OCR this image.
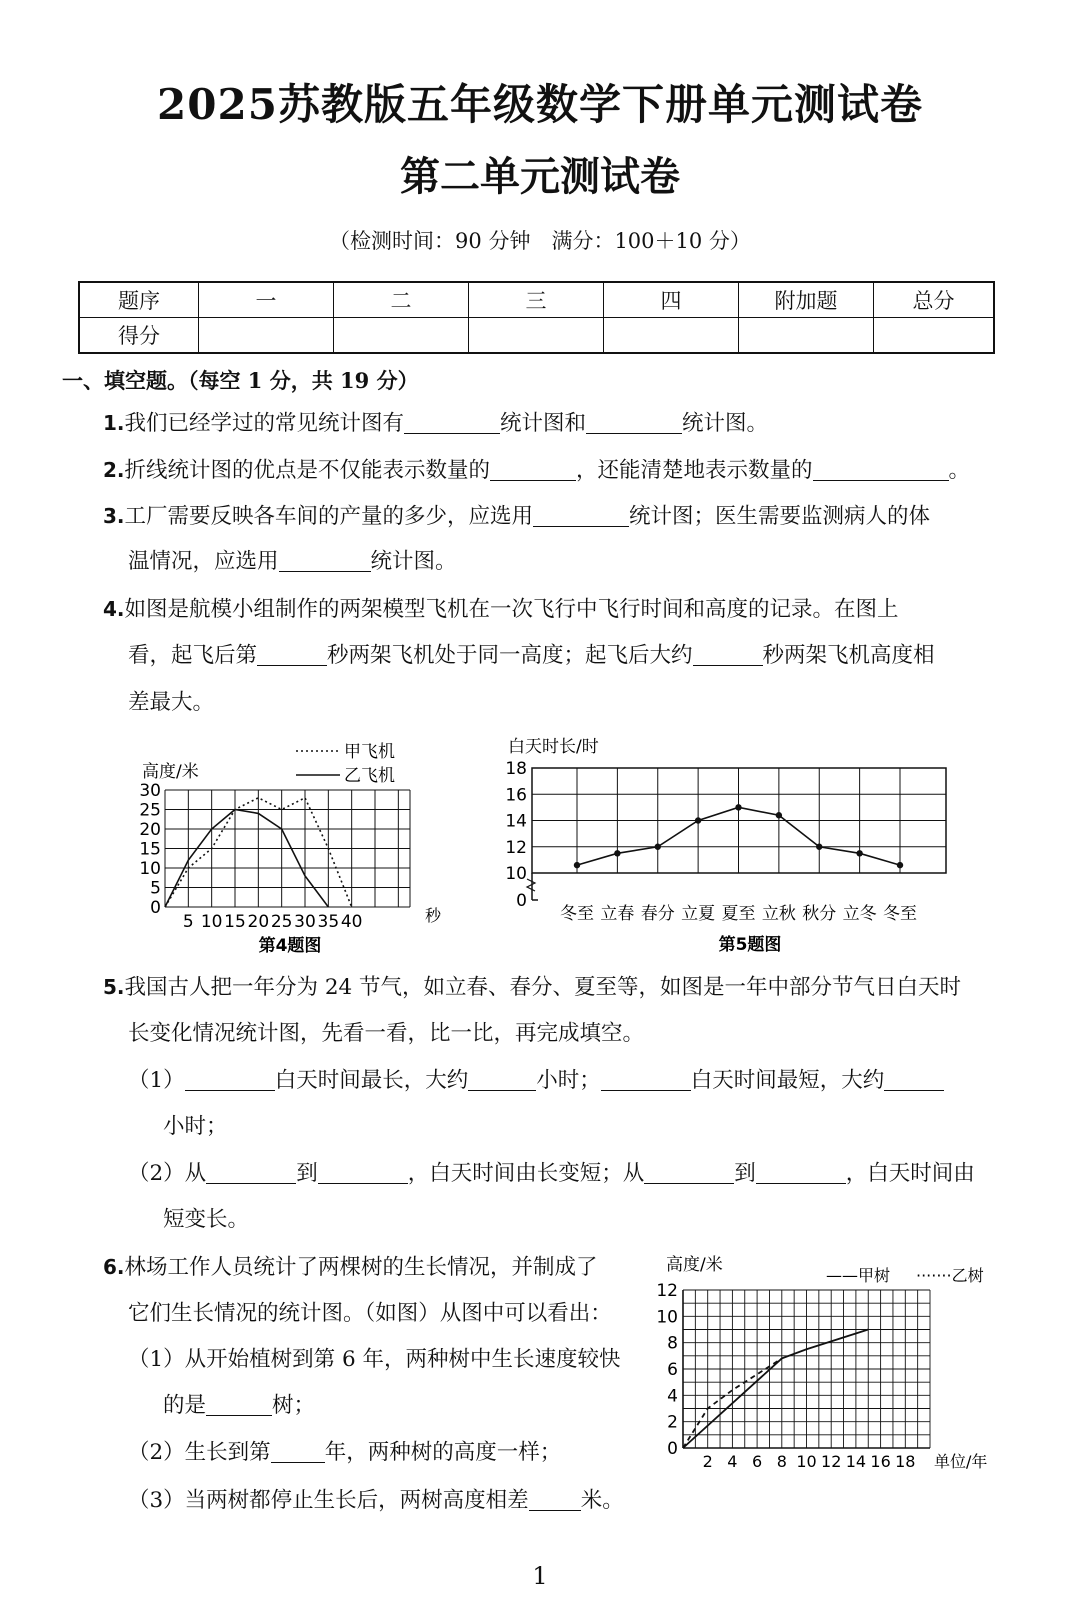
2025苏教版五年级数学下册单元测试卷
第二单元测试卷
（检测时间：90 分钟　满分：100＋10 分）
题序	一	二	三	四	附加题	总分
得分						
一、填空题。（每空 1 分，共 19 分）
1.我们已经学过的常见统计图有	统计图和	统计图。
2.折线统计图的优点是不仅能表示数量的	，还能清楚地表示数量的	。
3.工厂需要反映各车间的产量的多少，应选用	统计图；医生需要监测病人的体
温情况，应选用	统计图。
4.如图是航模小组制作的两架模型飞机在一次飞行中飞行时间和高度的记录。在图上
看，起飞后第	秒两架飞机处于同一高度；起飞后大约	秒两架飞机高度相
差最大。
0
5
10
15
20
25
30
5 10 15 20 25 30 35 40
高度/米
甲飞机
乙飞机
秒
第4题图
0
10
12
14
16
18
冬至 立春 春分 立夏 夏至 立秋 秋分 立冬 冬至
白天时长/时
第5题图
5.我国古人把一年分为 24 节气，如立春、春分、夏至等，如图是一年中部分节气日白天时
长变化情况统计图，先看一看，比一比，再完成填空。
（1）	白天时间最长，大约	小时；	白天时间最短，大约
小时；
（2）从	到	，白天时间由长变短；从	到	，白天时间由
短变长。
6.林场工作人员统计了两棵树的生长情况，并制成了
它们生长情况的统计图。（如图）从图中可以看出：
（1）从开始植树到第 6 年，两种树中生长速度较快
的是	树；
（2）生长到第	年，两种树的高度一样；
（3）当两树都停止生长后，两树高度相差 米。
0
2
4
6
8
10
12
2 4 6 8 10 12 14 16 18
高度/米
——甲树 ·······乙树
单位/年
1
